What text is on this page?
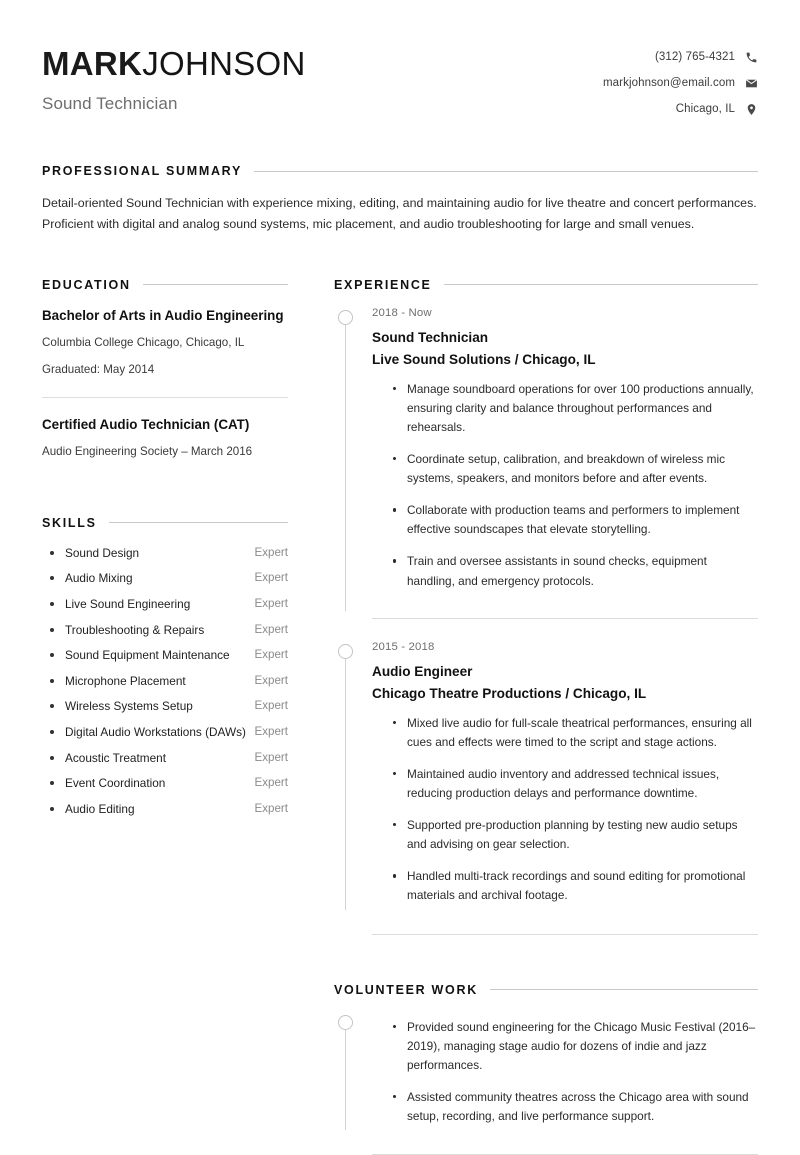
MARKJOHNSON
Sound Technician
(312) 765-4321
markjohnson@email.com
Chicago, IL
PROFESSIONAL SUMMARY
Detail-oriented Sound Technician with experience mixing, editing, and maintaining audio for live theatre and concert performances. Proficient with digital and analog sound systems, mic placement, and audio troubleshooting for large and small venues.
EDUCATION
Bachelor of Arts in Audio Engineering
Columbia College Chicago, Chicago, IL
Graduated: May 2014
Certified Audio Technician (CAT)
Audio Engineering Society – March 2016
SKILLS
Sound Design	Expert
Audio Mixing	Expert
Live Sound Engineering	Expert
Troubleshooting & Repairs	Expert
Sound Equipment Maintenance	Expert
Microphone Placement	Expert
Wireless Systems Setup	Expert
Digital Audio Workstations (DAWs) Expert
Acoustic Treatment	Expert
Event Coordination	Expert
Audio Editing	Expert
EXPERIENCE
2018 - Now
Sound Technician
Live Sound Solutions / Chicago, IL
Manage soundboard operations for over 100 productions annually, ensuring clarity and balance throughout performances and rehearsals.
Coordinate setup, calibration, and breakdown of wireless mic systems, speakers, and monitors before and after events.
Collaborate with production teams and performers to implement effective soundscapes that elevate storytelling.
Train and oversee assistants in sound checks, equipment handling, and emergency protocols.
2015 - 2018
Audio Engineer
Chicago Theatre Productions / Chicago, IL
Mixed live audio for full-scale theatrical performances, ensuring all cues and effects were timed to the script and stage actions.
Maintained audio inventory and addressed technical issues, reducing production delays and performance downtime.
Supported pre-production planning by testing new audio setups and advising on gear selection.
Handled multi-track recordings and sound editing for promotional materials and archival footage.
VOLUNTEER WORK
Provided sound engineering for the Chicago Music Festival (2016–2019), managing stage audio for dozens of indie and jazz performances.
Assisted community theatres across the Chicago area with sound setup, recording, and live performance support.
